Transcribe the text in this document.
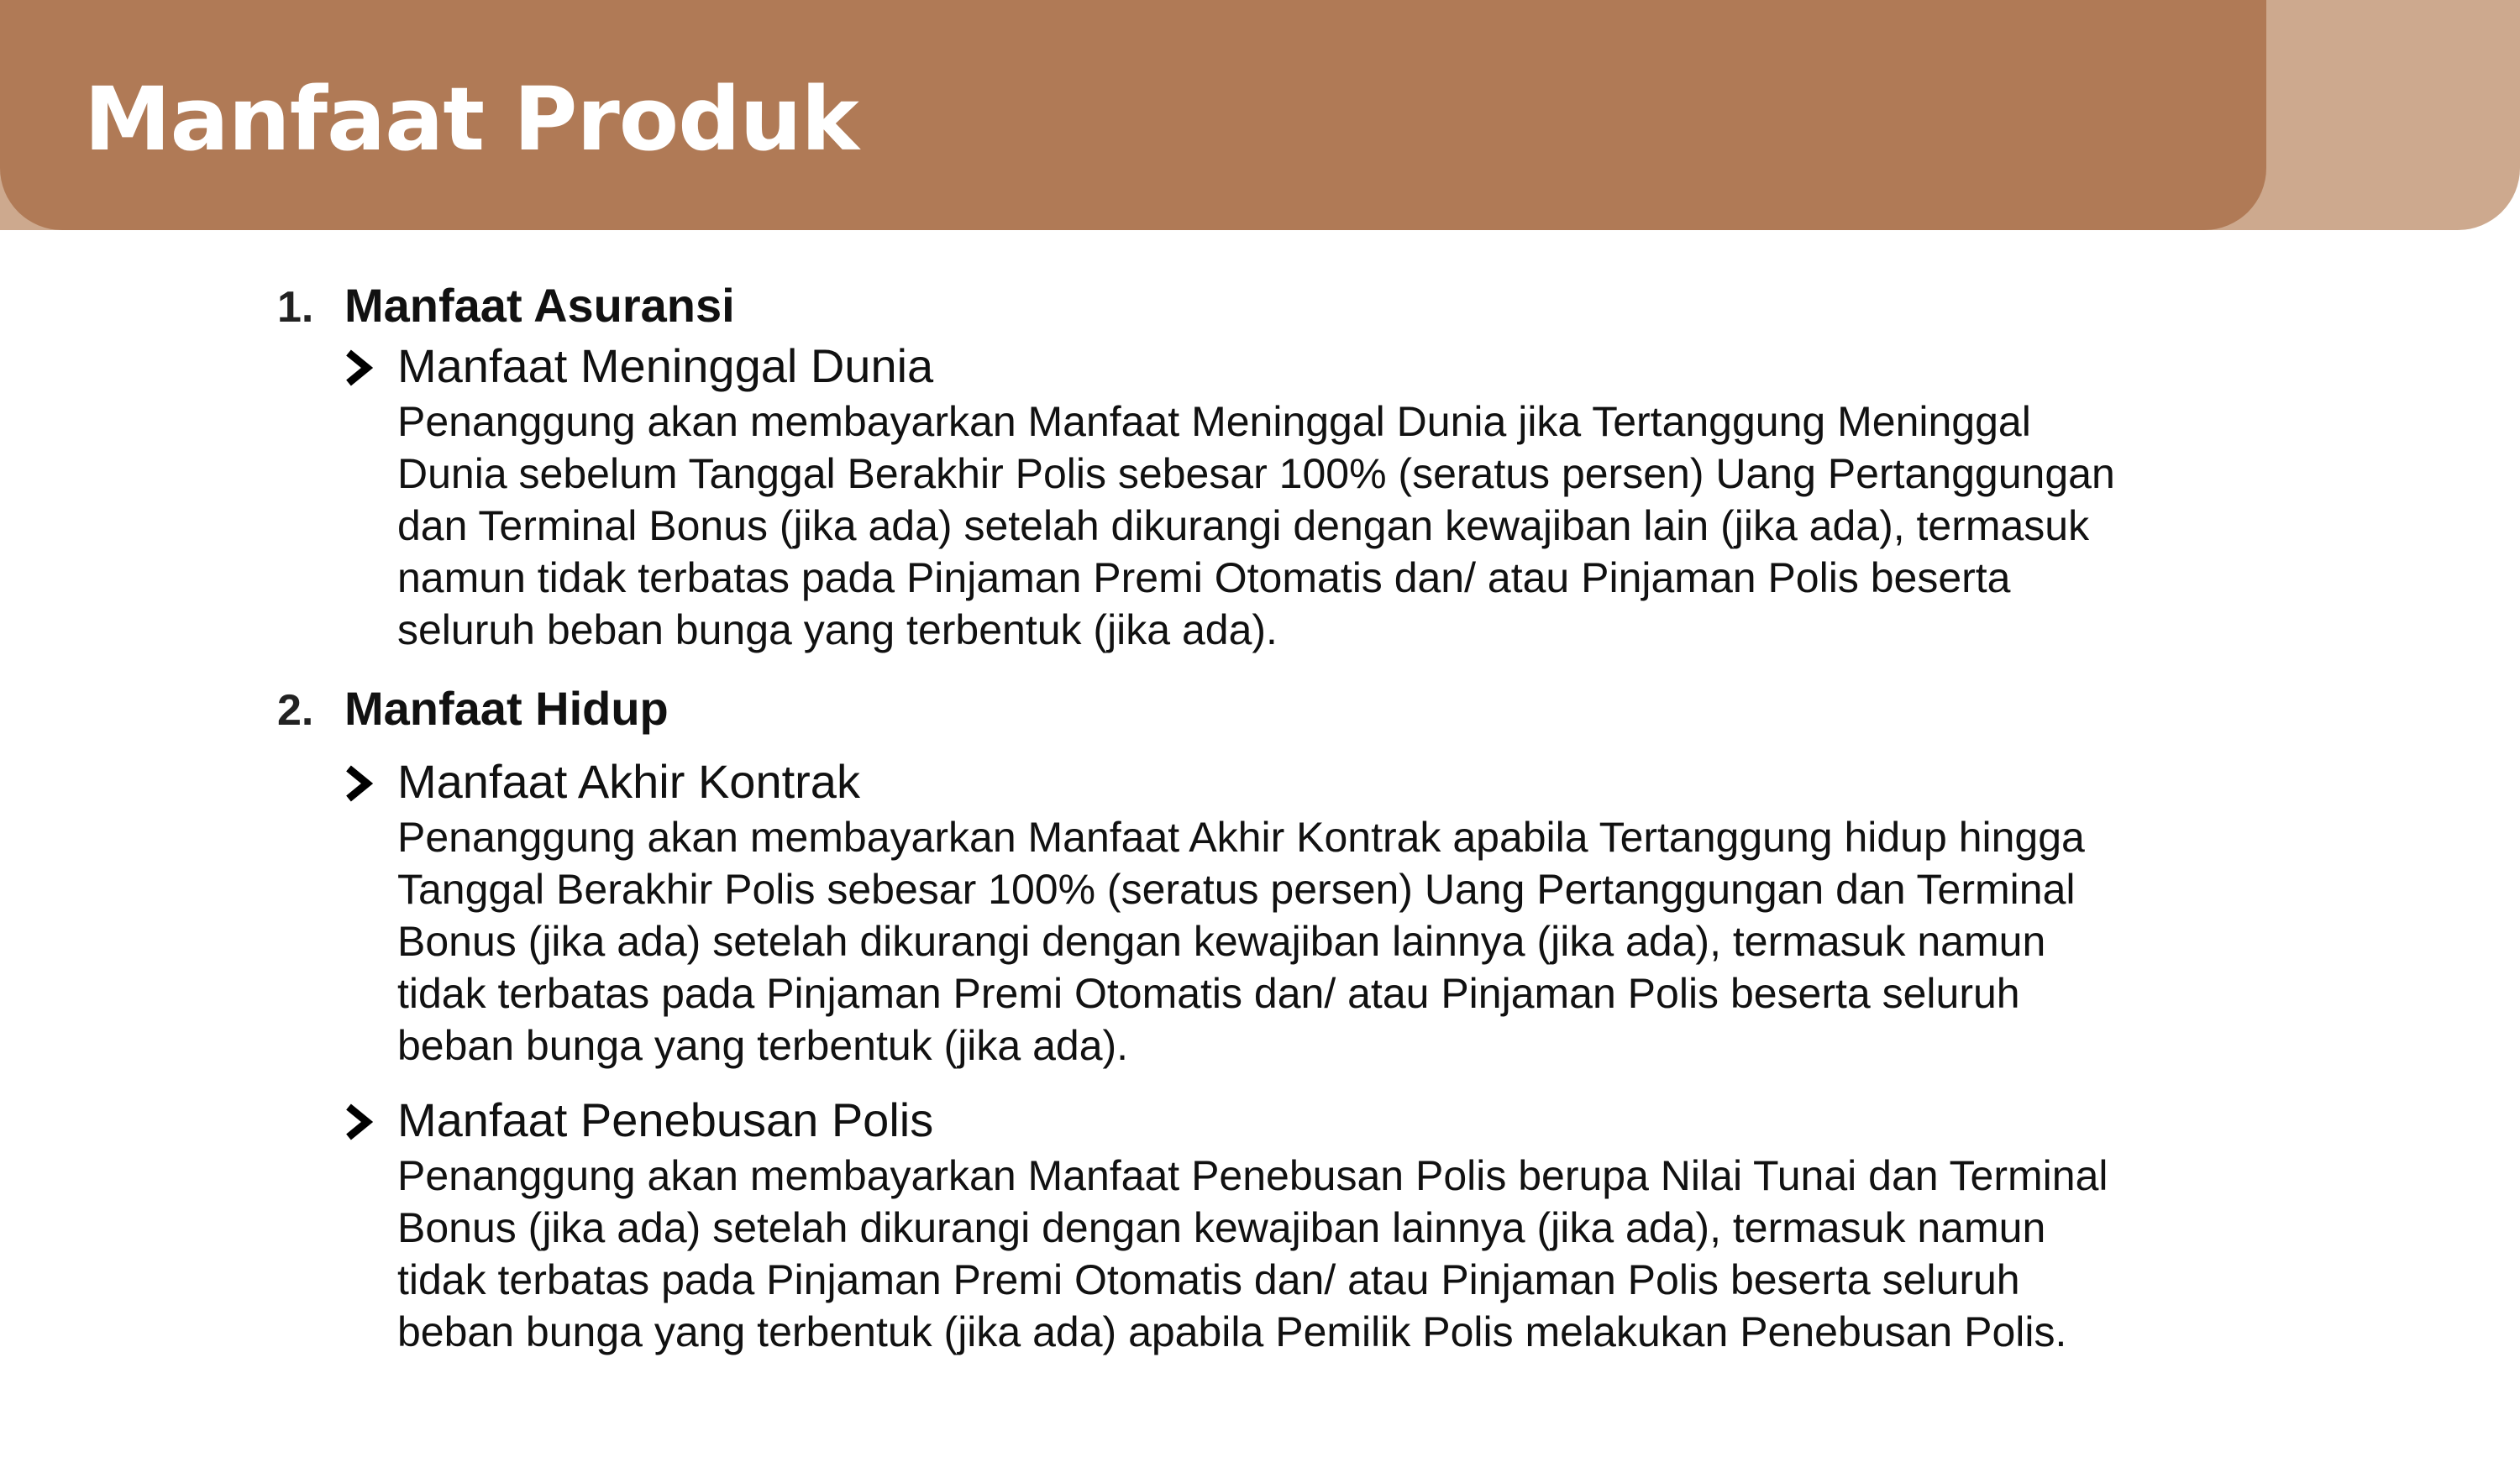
Manfaat Produk
1. Manfaat Asuransi
Manfaat Meninggal Dunia
Penanggung akan membayarkan Manfaat Meninggal Dunia jika Tertanggung Meninggal
Dunia sebelum Tanggal Berakhir Polis sebesar 100% (seratus persen) Uang Pertanggungan
dan Terminal Bonus (jika ada) setelah dikurangi dengan kewajiban lain (jika ada), termasuk
namun tidak terbatas pada Pinjaman Premi Otomatis dan/ atau Pinjaman Polis beserta
seluruh beban bunga yang terbentuk (jika ada).
2. Manfaat Hidup
Manfaat Akhir Kontrak
Penanggung akan membayarkan Manfaat Akhir Kontrak apabila Tertanggung hidup hingga
Tanggal Berakhir Polis sebesar 100% (seratus persen) Uang Pertanggungan dan Terminal
Bonus (jika ada) setelah dikurangi dengan kewajiban lainnya (jika ada), termasuk namun
tidak terbatas pada Pinjaman Premi Otomatis dan/ atau Pinjaman Polis beserta seluruh
beban bunga yang terbentuk (jika ada).
Manfaat Penebusan Polis
Penanggung akan membayarkan Manfaat Penebusan Polis berupa Nilai Tunai dan Terminal
Bonus (jika ada) setelah dikurangi dengan kewajiban lainnya (jika ada), termasuk namun
tidak terbatas pada Pinjaman Premi Otomatis dan/ atau Pinjaman Polis beserta seluruh
beban bunga yang terbentuk (jika ada) apabila Pemilik Polis melakukan Penebusan Polis.
